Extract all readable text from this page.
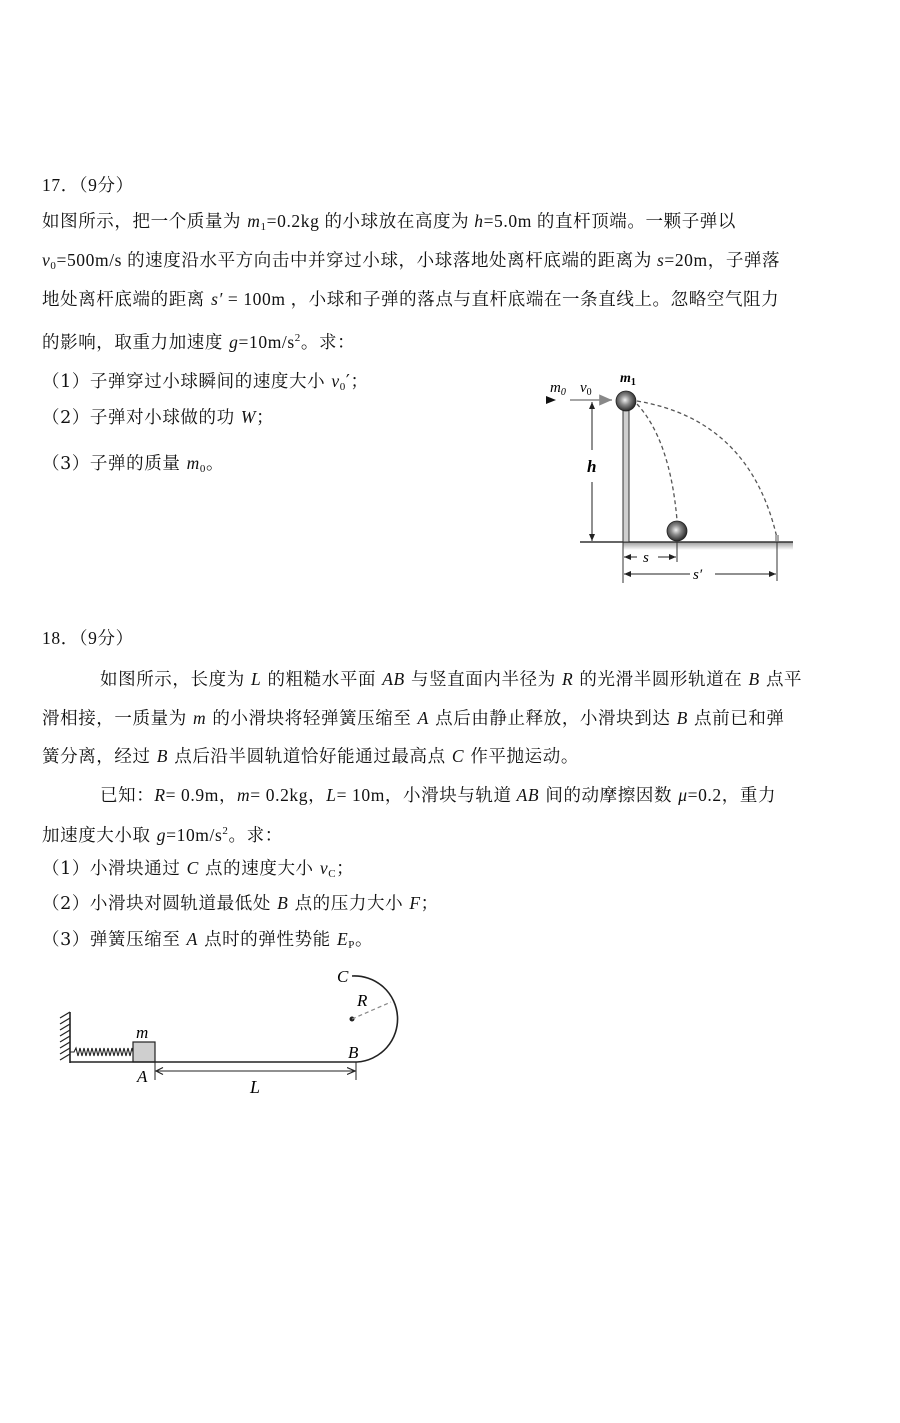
17．（9分）
如图所示，把一个质量为 $m_1=0.2kg$ 的小球放在高度为 h=5.0m 的直杆顶端。一颗子弹以
$v_0=500m/s$ 的速度沿水平方向击中并穿过小球，小球落地处离杆底端的距离为 s=20m，子弹落
地处离杆底端的距离 s′ = 100m ，小球和子弹的落点与直杆底端在一条直线上。忽略空气阻力
的影响，取重力加速度 $g=10m/s^2$。求：
（1）子弹穿过小球瞬间的速度大小 $v_0'$；
（2）子弹对小球做的功 W；
（3）子弹的质量 $m_0$。
$m_0$ $v_0$
$m_1$
h
s
s′
18．（9分）
如图所示，长度为 L 的粗糙水平面 AB 与竖直面内半径为 R 的光滑半圆形轨道在 B 点平
滑相接，一质量为 m 的小滑块将轻弹簧压缩至 A 点后由静止释放，小滑块到达 B 点前已和弹
簧分离，经过 B 点后沿半圆轨道恰好能通过最高点 C 作平抛运动。
已知：R= 0.9m，m= 0.2kg，L= 10m，小滑块与轨道 AB 间的动摩擦因数 μ=0.2，重力
加速度大小取 $g=10m/s^2$。求：
（1）小滑块通过 C 点的速度大小 $v_C$；
（2）小滑块对圆轨道最低处 B 点的压力大小 F；
（3）弹簧压缩至 A 点时的弹性势能 $E_P$。
m
A
B
C
R
L
